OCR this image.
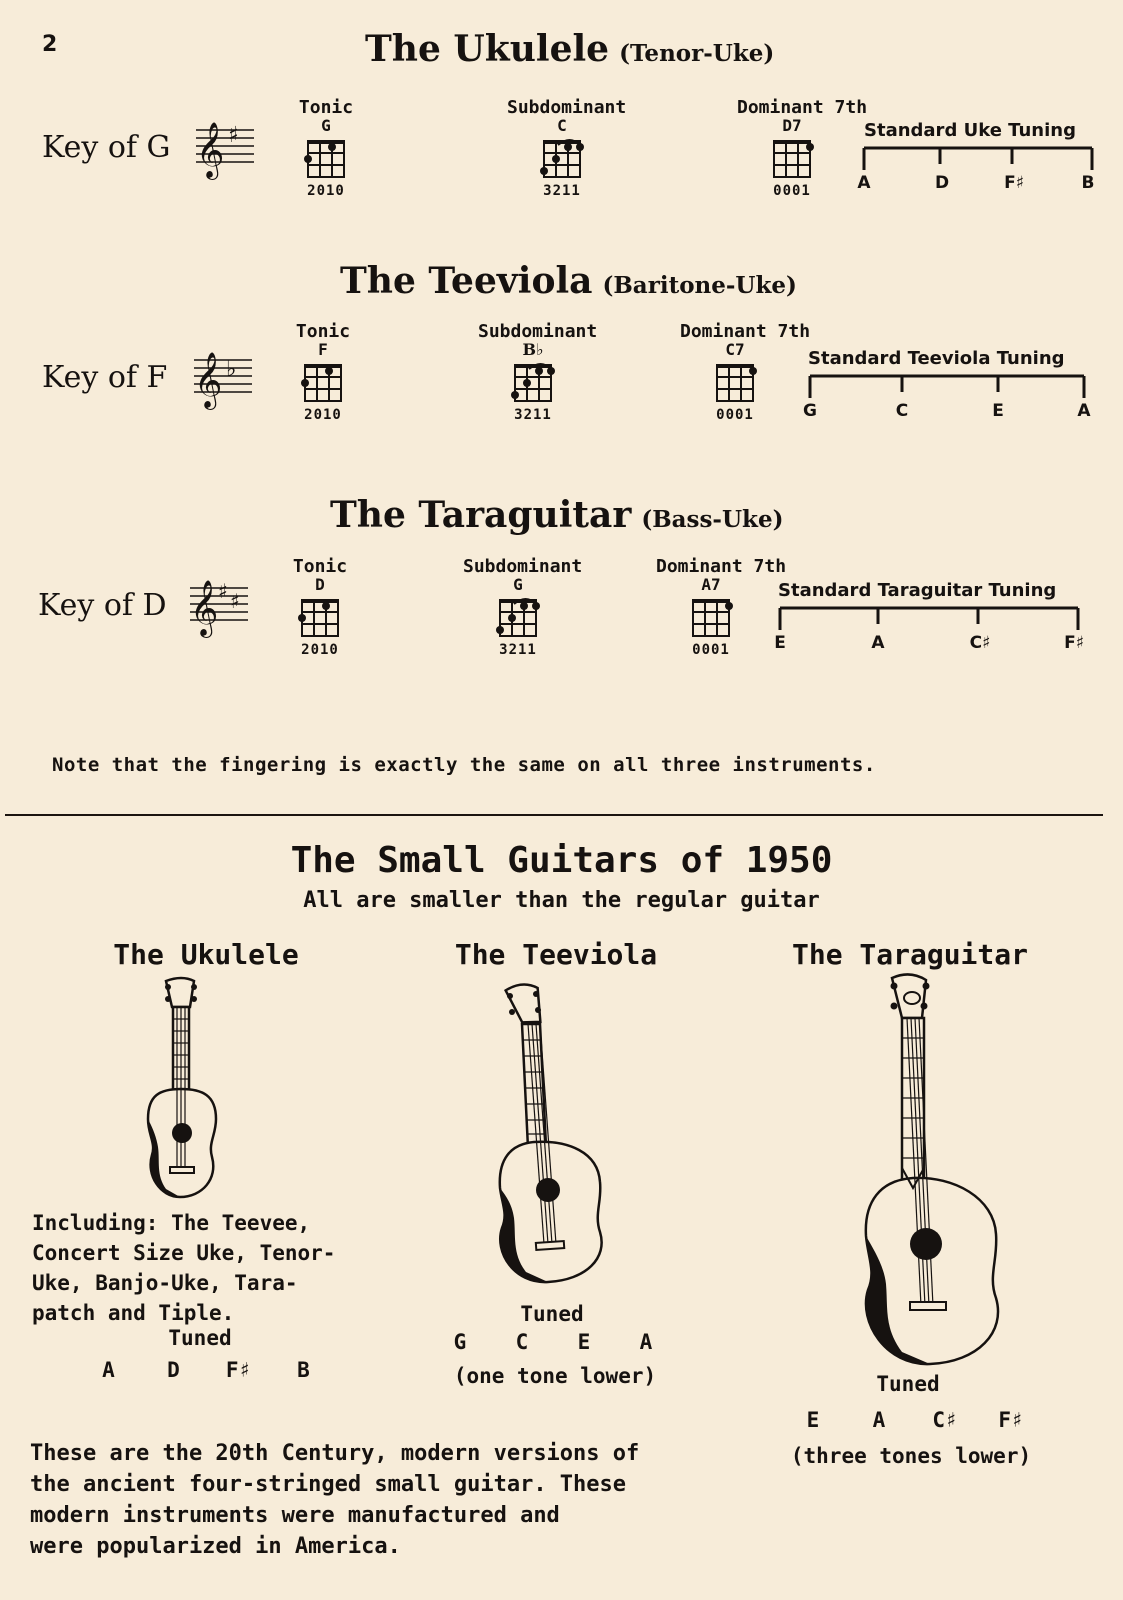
2	The Ukulele (Tenor-Uke)
Key of G 𝄞 ♯
Tonic
G
2010
Subdominant
C
3211
Dominant 7th
D7
0001
Standard Uke Tuning
A	D	F♯	B
The Teeviola (Baritone-Uke)
Key of F 𝄞 ♭
Tonic
F
2010
Subdominant
B♭
3211
Dominant 7th
C7
0001
Standard Teeviola Tuning
G	C	E	A
The Taraguitar (Bass-Uke)
Key of D 𝄞 ♯ ♯
Tonic
D
2010
Subdominant
G
3211
Dominant 7th
A7
0001
Standard Taraguitar Tuning
E	A	C♯	F♯
Note that the fingering is exactly the same on all three instruments.
The Small Guitars of 1950
All are smaller than the regular guitar
The Ukulele
Including: The Teevee,
Concert Size Uke, Tenor-
Uke, Banjo-Uke, Tara-
patch and Tiple.
Tuned
A D F♯ B
The Teeviola
Tuned
G C E A
(one tone lower)
The Taraguitar
Tuned
E	A C♯ F♯
(three tones lower)
These are the 20th Century, modern versions of
the ancient four-stringed small guitar. These
modern instruments were manufactured and
were popularized in America.
